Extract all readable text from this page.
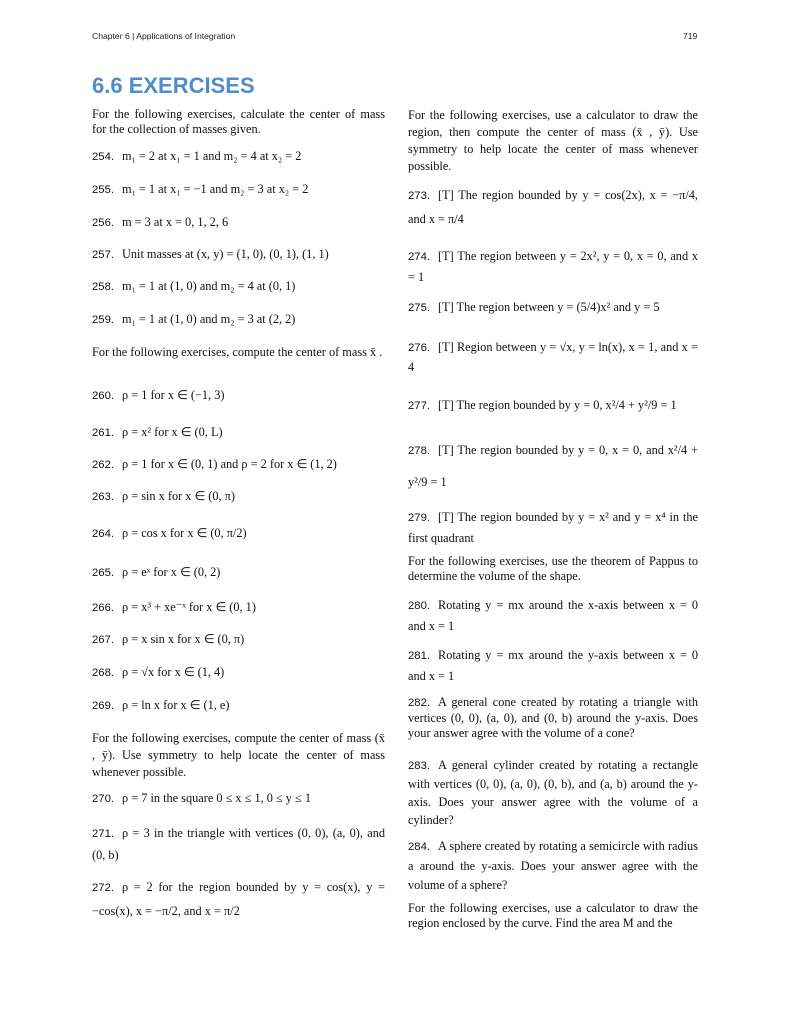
Chapter 6 | Applications of Integration	719
6.6 EXERCISES
For the following exercises, calculate the center of mass for the collection of masses given.
254. m₁ = 2 at x₁ = 1 and m₂ = 4 at x₂ = 2
255. m₁ = 1 at x₁ = −1 and m₂ = 3 at x₂ = 2
256. m = 3 at x = 0, 1, 2, 6
257. Unit masses at (x, y) = (1, 0), (0, 1), (1, 1)
258. m₁ = 1 at (1, 0) and m₂ = 4 at (0, 1)
259. m₁ = 1 at (1, 0) and m₂ = 3 at (2, 2)
For the following exercises, compute the center of mass x̄ .
260. ρ = 1 for x ∈ (−1, 3)
261. ρ = x² for x ∈ (0, L)
262. ρ = 1 for x ∈ (0, 1) and ρ = 2 for x ∈ (1, 2)
263. ρ = sin x for x ∈ (0, π)
264. ρ = cos x for x ∈ (0, π/2)
265. ρ = eˣ for x ∈ (0, 2)
266. ρ = x³ + xe⁻ˣ for x ∈ (0, 1)
267. ρ = x sin x for x ∈ (0, π)
268. ρ = √x for x ∈ (1, 4)
269. ρ = ln x for x ∈ (1, e)
For the following exercises, compute the center of mass (x̄ , ȳ). Use symmetry to help locate the center of mass whenever possible.
270. ρ = 7 in the square 0 ≤ x ≤ 1, 0 ≤ y ≤ 1
271. ρ = 3 in the triangle with vertices (0, 0), (a, 0), and (0, b)
272. ρ = 2 for the region bounded by y = cos(x), y = −cos(x), x = −π/2, and x = π/2
For the following exercises, use a calculator to draw the region, then compute the center of mass (x̄ , ȳ). Use symmetry to help locate the center of mass whenever possible.
273. [T] The region bounded by y = cos(2x), x = −π/4, and x = π/4
274. [T] The region between y = 2x², y = 0, x = 0, and x = 1
275. [T] The region between y = (5/4)x² and y = 5
276. [T] Region between y = √x, y = ln(x), x = 1, and x = 4
277. [T] The region bounded by y = 0, x²/4 + y²/9 = 1
278. [T] The region bounded by y = 0, x = 0, and x²/4 + y²/9 = 1
279. [T] The region bounded by y = x² and y = x⁴ in the first quadrant
For the following exercises, use the theorem of Pappus to determine the volume of the shape.
280. Rotating y = mx around the x-axis between x = 0 and x = 1
281. Rotating y = mx around the y-axis between x = 0 and x = 1
282. A general cone created by rotating a triangle with vertices (0, 0), (a, 0), and (0, b) around the y-axis. Does your answer agree with the volume of a cone?
283. A general cylinder created by rotating a rectangle with vertices (0, 0), (a, 0), (0, b), and (a, b) around the y-axis. Does your answer agree with the volume of a cylinder?
284. A sphere created by rotating a semicircle with radius a around the y-axis. Does your answer agree with the volume of a sphere?
For the following exercises, use a calculator to draw the region enclosed by the curve. Find the area M and the
